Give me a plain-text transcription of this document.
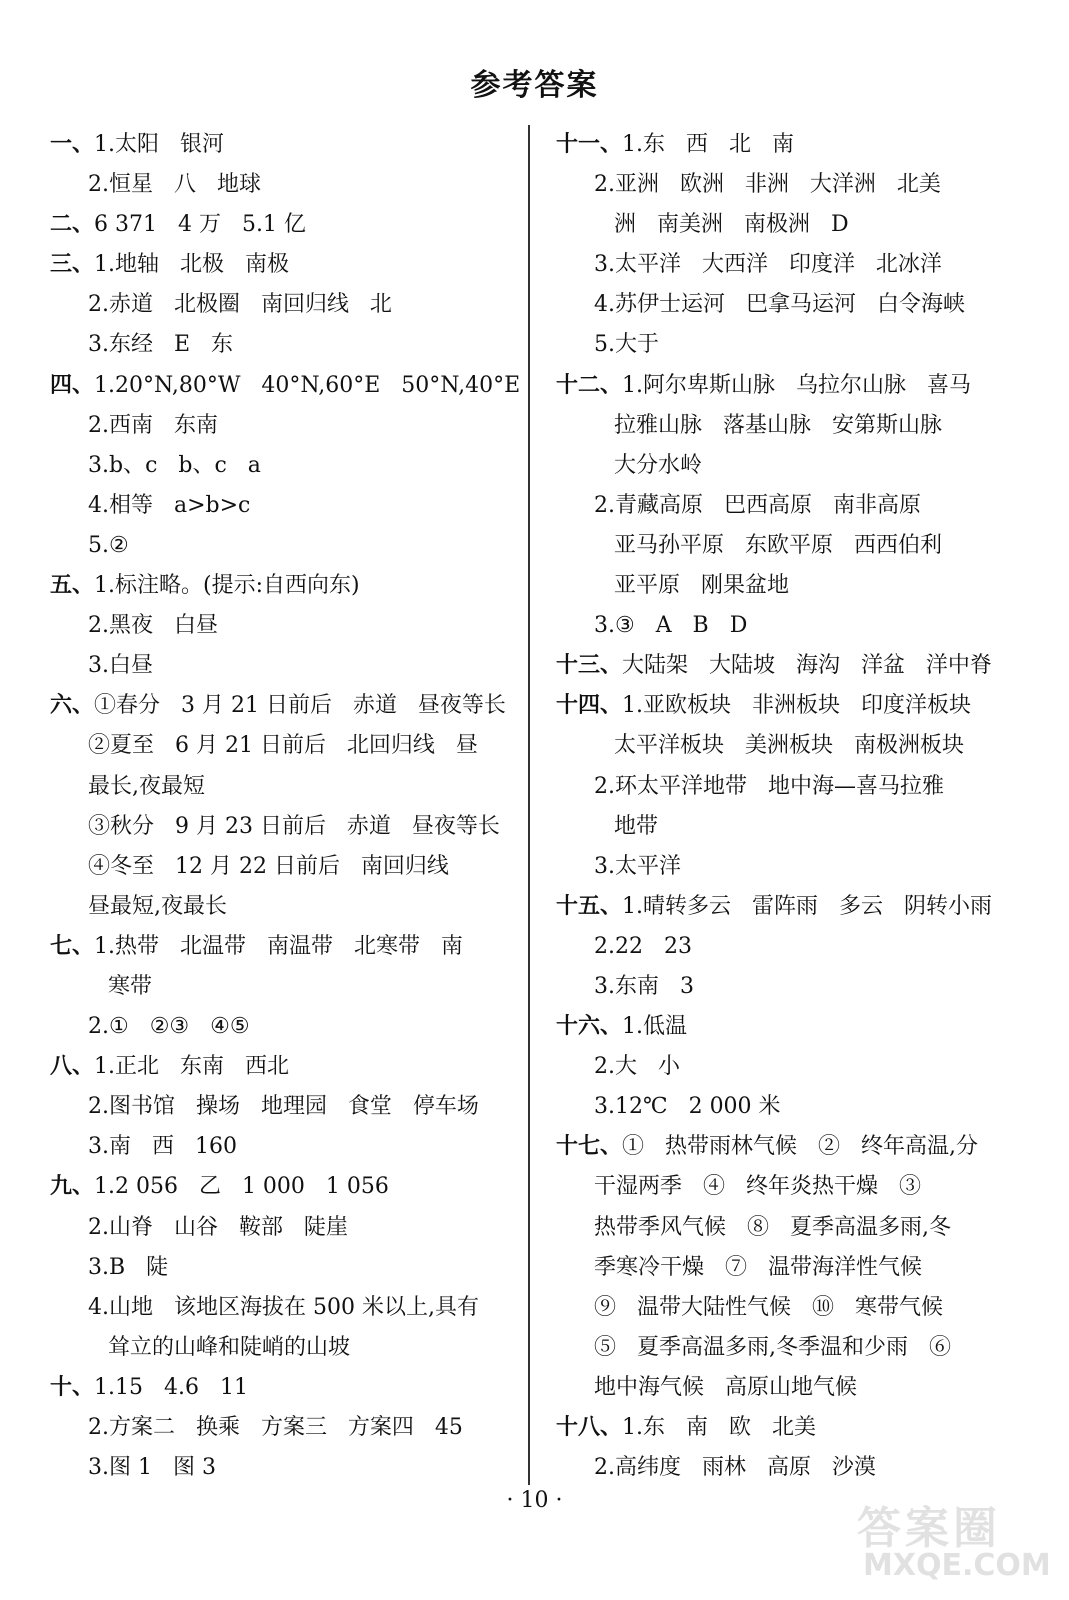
参考答案
一、1.太阳   银河
2.恒星   八   地球
二、6 371   4 万   5.1 亿
三、1.地轴   北极   南极
2.赤道   北极圈   南回归线   北
3.东经   E   东
四、1.20°N,80°W   40°N,60°E   50°N,40°E
2.西南   东南
3.b、c   b、c   a
4.相等   a>b>c
5.②
五、1.标注略。(提示:自西向东)
2.黑夜   白昼
3.白昼
六、①春分   3 月 21 日前后   赤道   昼夜等长
②夏至   6 月 21 日前后   北回归线   昼
最长,夜最短
③秋分   9 月 23 日前后   赤道   昼夜等长
④冬至   12 月 22 日前后   南回归线
昼最短,夜最长
七、1.热带   北温带   南温带   北寒带   南
寒带
2.①   ②③   ④⑤
八、1.正北   东南   西北
2.图书馆   操场   地理园   食堂   停车场
3.南   西   160
九、1.2 056   乙   1 000   1 056
2.山脊   山谷   鞍部   陡崖
3.B   陡
4.山地   该地区海拔在 500 米以上,具有
耸立的山峰和陡峭的山坡
十、1.15   4.6   11
2.方案二   换乘   方案三   方案四   45
3.图 1   图 3
十一、1.东   西   北   南
2.亚洲   欧洲   非洲   大洋洲   北美
洲   南美洲   南极洲   D
3.太平洋   大西洋   印度洋   北冰洋
4.苏伊士运河   巴拿马运河   白令海峡
5.大于
十二、1.阿尔卑斯山脉   乌拉尔山脉   喜马
拉雅山脉   落基山脉   安第斯山脉
大分水岭
2.青藏高原   巴西高原   南非高原
亚马孙平原   东欧平原   西西伯利
亚平原   刚果盆地
3.③   A   B   D
十三、大陆架   大陆坡   海沟   洋盆   洋中脊
十四、1.亚欧板块   非洲板块   印度洋板块
太平洋板块   美洲板块   南极洲板块
2.环太平洋地带   地中海—喜马拉雅
地带
3.太平洋
十五、1.晴转多云   雷阵雨   多云   阴转小雨
2.22   23
3.东南   3
十六、1.低温
2.大   小
3.12℃   2 000 米
十七、①   热带雨林气候   ②   终年高温,分
干湿两季   ④   终年炎热干燥   ③
热带季风气候   ⑧   夏季高温多雨,冬
季寒冷干燥   ⑦   温带海洋性气候
⑨   温带大陆性气候   ⑩   寒带气候
⑤   夏季高温多雨,冬季温和少雨   ⑥
地中海气候   高原山地气候
十八、1.东   南   欧   北美
2.高纬度   雨林   高原   沙漠
· 10 ·
答案圈
MXQE.COM
